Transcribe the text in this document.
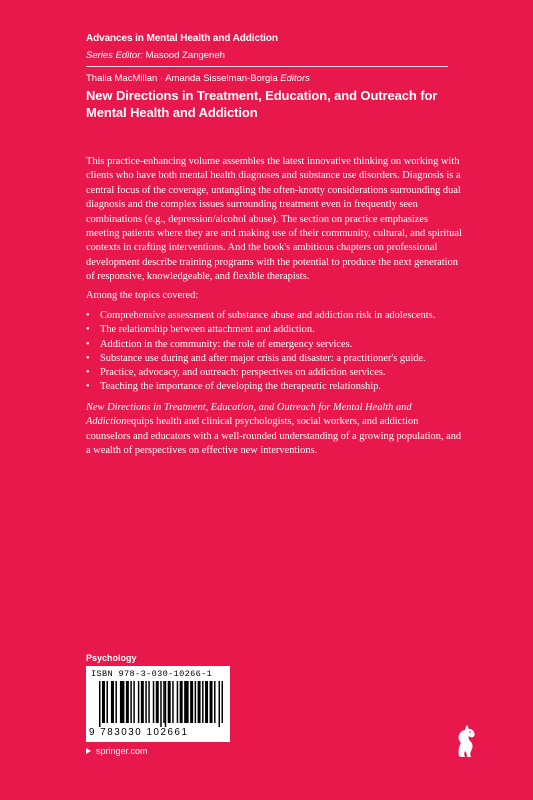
Advances in Mental Health and Addiction
Series Editor: Masood Zangeneh
Thalia MacMillan · Amanda Sisselman-Borgia Editors
New Directions in Treatment, Education, and Outreach for Mental Health and Addiction

This practice-enhancing volume assembles the latest innovative thinking on working with clients who have both mental health diagnoses and substance use disorders. Diagnosis is a central focus of the coverage, untangling the often-knotty considerations surrounding dual diagnosis and the complex issues surrounding treatment even in frequently seen combinations (e.g., depression/alcohol abuse). The section on practice emphasizes meeting patients where they are and making use of their community, cultural, and spiritual contexts in crafting interventions. And the book's ambitious chapters on professional development describe training programs with the potential to produce the next generation of responsive, knowledgeable, and flexible therapists.

Among the topics covered:
• Comprehensive assessment of substance abuse and addiction risk in adolescents.
• The relationship between attachment and addiction.
• Addiction in the community: the role of emergency services.
• Substance use during and after major crisis and disaster: a practitioner's guide.
• Practice, advocacy, and outreach: perspectives on addiction services.
• Teaching the importance of developing the therapeutic relationship.
New Directions in Treatment, Education, and Outreach for Mental Health and Addictionequips health and clinical psychologists, social workers, and addiction counselors and educators with a well-rounded understanding of a growing population, and a wealth of perspectives on effective new interventions.
Psychology
ISBN 978-3-030-10266-1
9 783030 102661
springer.com
